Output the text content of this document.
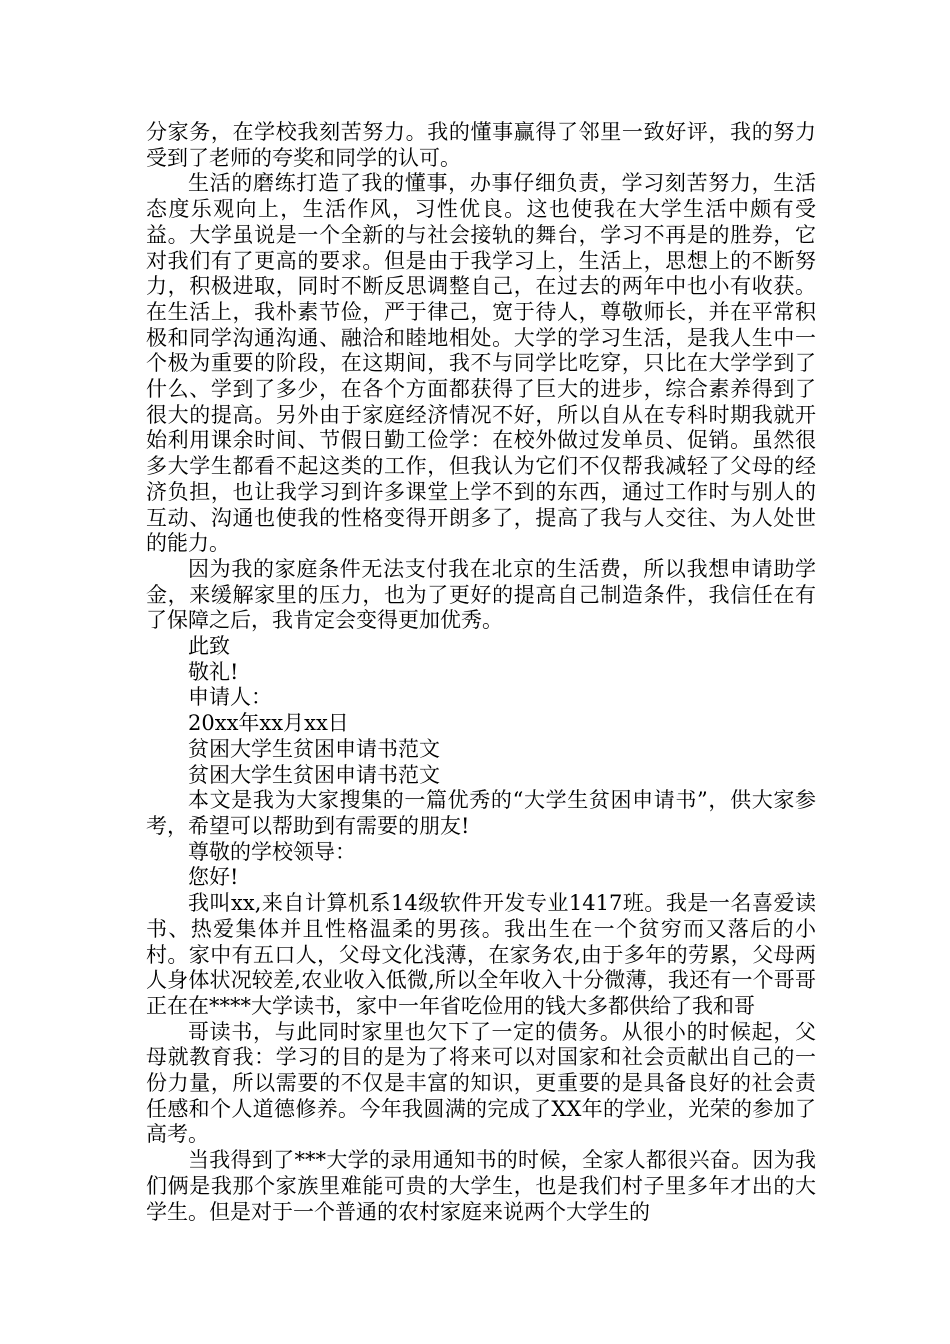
分家务，在学校我刻苦努力。我的懂事赢得了邻里一致好评，我的努力受到了老师的夸奖和同学的认可。

生活的磨练打造了我的懂事，办事仔细负责，学习刻苦努力，生活态度乐观向上，生活作风，习性优良。这也使我在大学生活中颇有受益。大学虽说是一个全新的与社会接轨的舞台，学习不再是的胜券，它对我们有了更高的要求。但是由于我学习上，生活上，思想上的不断努力，积极进取，同时不断反思调整自己，在过去的两年中也小有收获。在生活上，我朴素节俭，严于律己，宽于待人，尊敬师长，并在平常积极和同学沟通沟通、融洽和睦地相处。大学的学习生活，是我人生中一个极为重要的阶段，在这期间，我不与同学比吃穿，只比在大学学到了什么、学到了多少，在各个方面都获得了巨大的进步，综合素养得到了很大的提高。另外由于家庭经济情况不好，所以自从在专科时期我就开始利用课余时间、节假日勤工俭学：在校外做过发单员、促销。虽然很多大学生都看不起这类的工作，但我认为它们不仅帮我减轻了父母的经济负担，也让我学习到许多课堂上学不到的东西，通过工作时与别人的互动、沟通也使我的性格变得开朗多了，提高了我与人交往、为人处世的能力。

因为我的家庭条件无法支付我在北京的生活费，所以我想申请助学金，来缓解家里的压力，也为了更好的提高自己制造条件，我信任在有了保障之后，我肯定会变得更加优秀。

此致

敬礼!

申请人：

20xx年xx月xx日

贫困大学生贫困申请书范文

贫困大学生贫困申请书范文

本文是我为大家搜集的一篇优秀的“大学生贫困申请书”，供大家参考，希望可以帮助到有需要的朋友!

尊敬的学校领导：

您好!

我叫xx,来自计算机系14级软件开发专业1417班。我是一名喜爱读书、热爱集体并且性格温柔的男孩。我出生在一个贫穷而又落后的小村。家中有五口人，父母文化浅薄，在家务农,由于多年的劳累，父母两人身体状况较差,农业收入低微,所以全年收入十分微薄，我还有一个哥哥正在在****大学读书，家中一年省吃俭用的钱大多都供给了我和哥

哥读书，与此同时家里也欠下了一定的债务。从很小的时候起，父母就教育我：学习的目的是为了将来可以对国家和社会贡献出自己的一份力量，所以需要的不仅是丰富的知识，更重要的是具备良好的社会责任感和个人道德修养。今年我圆满的完成了XX年的学业，光荣的参加了高考。

当我得到了***大学的录用通知书的时候，全家人都很兴奋。因为我们俩是我那个家族里难能可贵的大学生，也是我们村子里多年才出的大学生。但是对于一个普通的农村家庭来说两个大学生的
